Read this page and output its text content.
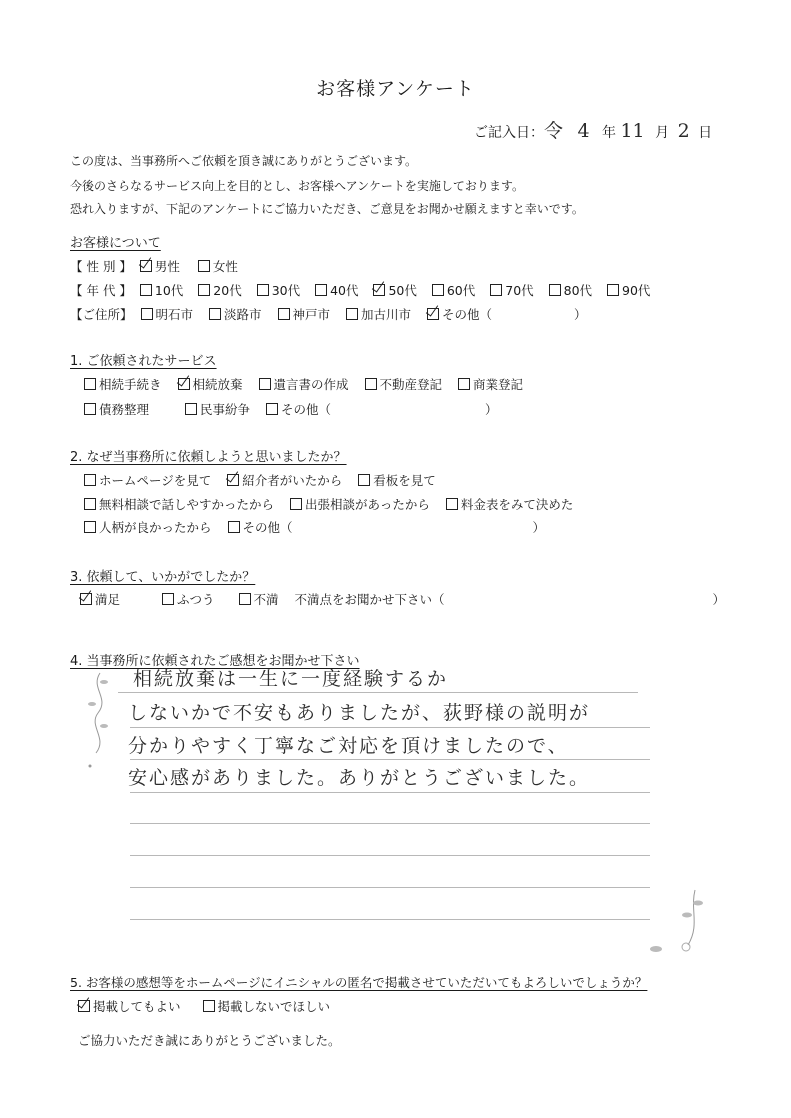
お客様アンケート
ご記入日：令 4 年 11 月 2 日
この度は、当事務所へご依頼を頂き誠にありがとうございます。
今後のさらなるサービス向上を目的とし、お客様へアンケートを実施しております。
恐れ入りますが、下記のアンケートにご協力いただき、ご意見をお聞かせ願えますと幸いです。
お客様について
【 性 別 】 男性	女性
【 年 代 】 10代 20代 30代 40代 50代 60代 70代 80代 90代
【ご住所】 明石市 淡路市 神戸市 加古川市 その他（	）
1. ご依頼されたサービス
相続手続き 相続放棄 遺言書の作成 不動産登記 商業登記
債務整理	民事紛争 その他（	）
2. なぜ当事務所に依頼しようと思いましたか？
ホームページを見て 紹介者がいたから 看板を見て
無料相談で話しやすかったから 出張相談があったから 料金表をみて決めた
人柄が良かったから その他（	）
3. 依頼して、いかがでしたか？
満足	ふつう	不満 不満点をお聞かせ下さい（	）
4. 当事務所に依頼されたご感想をお聞かせ下さい
相続放棄は一生に一度経験するか
しないかで不安もありましたが、荻野様の説明が
分かりやすく丁寧なご対応を頂けましたので、
安心感がありました。ありがとうございました。
5. お客様の感想等をホームページにイニシャルの匿名で掲載させていただいてもよろしいでしょうか？
掲載してもよい	掲載しないでほしい
ご協力いただき誠にありがとうございました。
